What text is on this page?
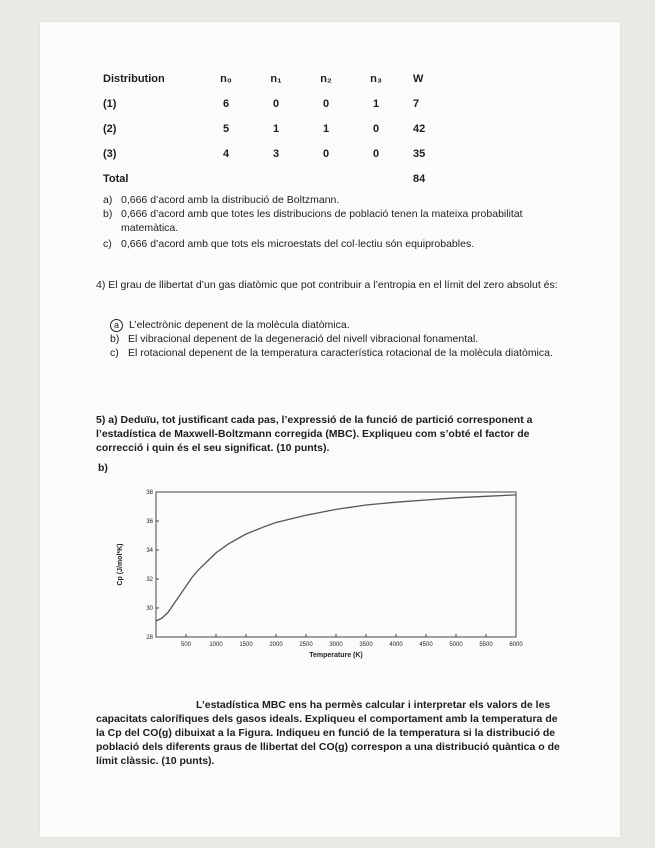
Distribution	n₀	n₁	n₂	n₃	W
(1)	6	0	0	1	7
(2)	5	1	1	0	42
(3)	4	3	0	0	35
Total					84
a) 0,666 d’acord amb la distribució de Boltzmann.
b) 0,666 d’acord amb que totes les distribucions de població tenen la mateixa probabilitat matemàtica.
c) 0,666 d’acord amb que tots els microestats del col·lectiu són equiprobables.
4) El grau de llibertat d’un gas diatòmic que pot contribuir a l’entropia en el límit del zero absolut és:
a L’electrònic depenent de la molècula diatòmica.
b) El vibracional depenent de la degeneració del nivell vibracional fonamental.
c) El rotacional depenent de la temperatura característica rotacional de la molècula diatòmica.
5) a) Deduïu, tot justificant cada pas, l’expressió de la funció de partició corresponent a l’estadística de Maxwell-Boltzmann corregida (MBC). Expliqueu com s’obté el factor de correcció i quin és el seu significat. (10 punts).
b)
28
30
32
34
36
38
500	1000	1500	2000	2500	3000	3500	4000	4500	5000	5500	6000
Cp (J/mol*K)
Temperature (K)
L’estadística MBC ens ha permès calcular i interpretar els valors de les capacitats calorífiques dels gasos ideals. Expliqueu el comportament amb la temperatura de la Cp del CO(g) dibuixat a la Figura. Indiqueu en funció de la temperatura si la distribució de població dels diferents graus de llibertat del CO(g) correspon a una distribució quàntica o de límit clàssic. (10 punts).
